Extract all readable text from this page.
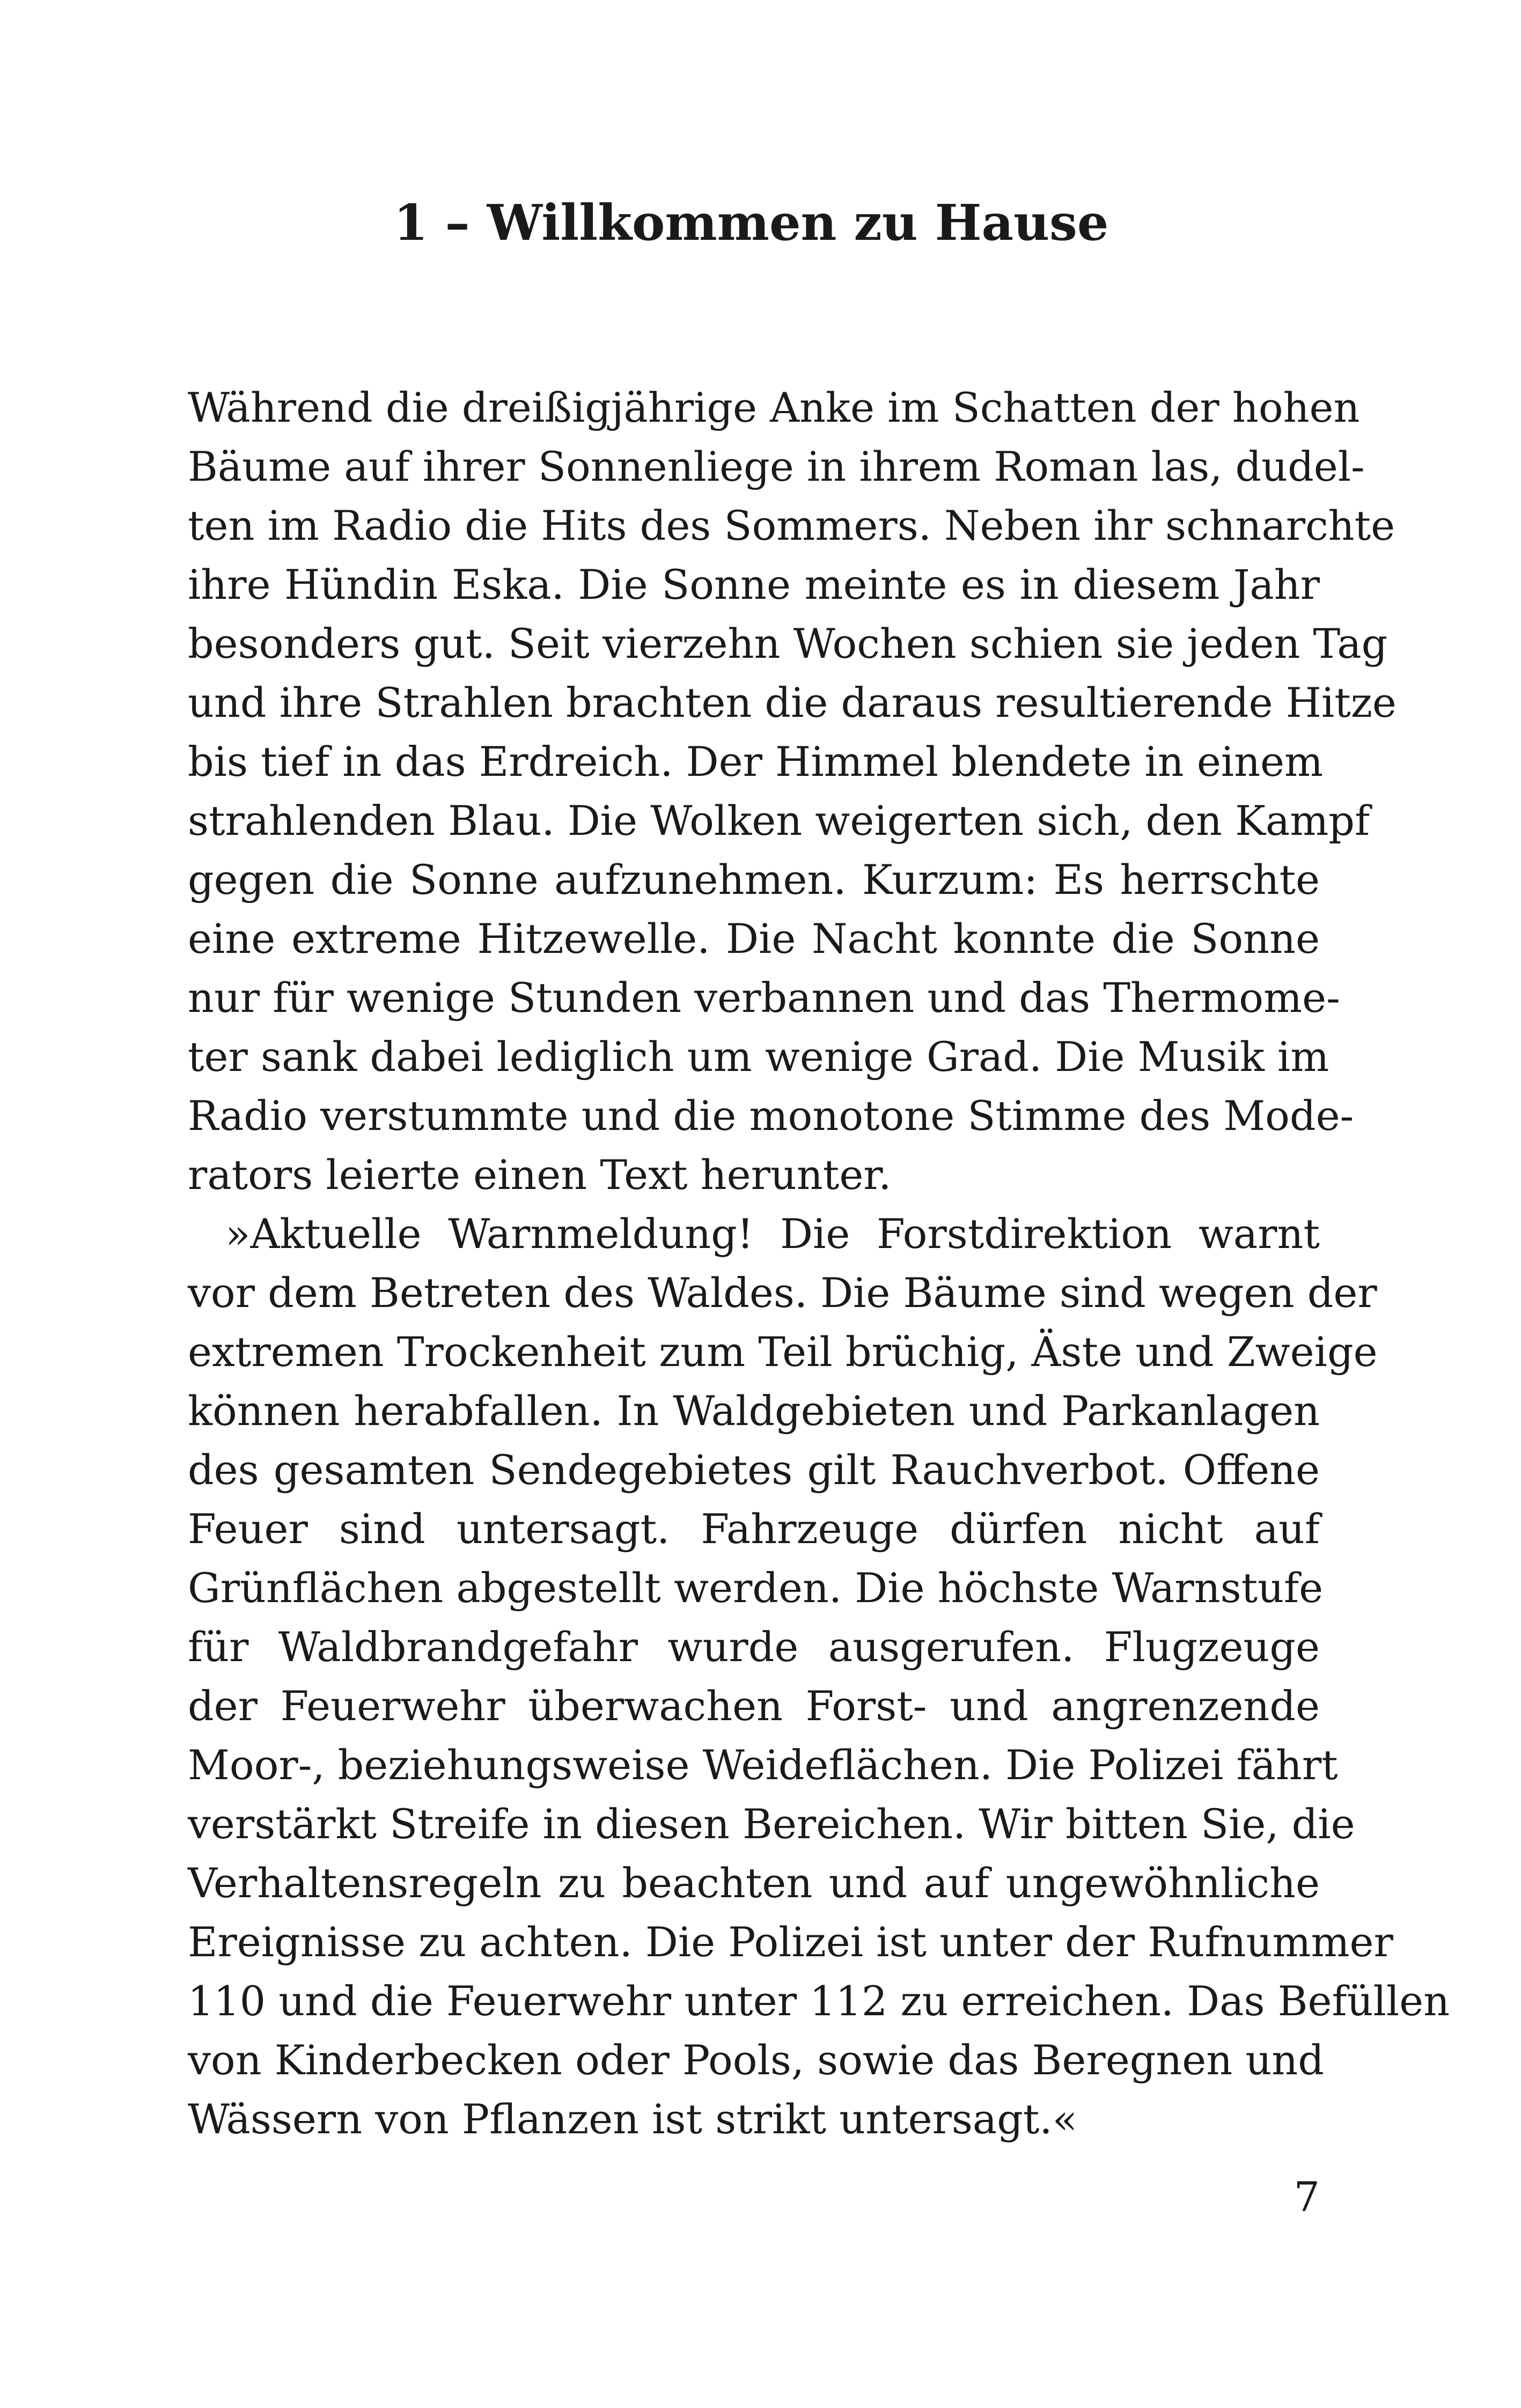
1 – Willkommen zu Hause
Während die dreißigjährige Anke im Schatten der hohen
Bäume auf ihrer Sonnenliege in ihrem Roman las, dudel-
ten im Radio die Hits des Sommers. Neben ihr schnarchte
ihre Hündin Eska. Die Sonne meinte es in diesem Jahr
besonders gut. Seit vierzehn Wochen schien sie jeden Tag
und ihre Strahlen brachten die daraus resultierende Hitze
bis tief in das Erdreich. Der Himmel blendete in einem
strahlenden Blau. Die Wolken weigerten sich, den Kampf
gegen die Sonne aufzunehmen. Kurzum: Es herrschte
eine extreme Hitzewelle. Die Nacht konnte die Sonne
nur für wenige Stunden verbannen und das Thermome-
ter sank dabei lediglich um wenige Grad. Die Musik im
Radio verstummte und die monotone Stimme des Mode-
rators leierte einen Text herunter.
»Aktuelle Warnmeldung! Die Forstdirektion warnt
vor dem Betreten des Waldes. Die Bäume sind wegen der
extremen Trockenheit zum Teil brüchig, Äste und Zweige
können herabfallen. In Waldgebieten und Parkanlagen
des gesamten Sendegebietes gilt Rauchverbot. Offene
Feuer sind untersagt. Fahrzeuge dürfen nicht auf
Grünflächen abgestellt werden. Die höchste Warnstufe
für Waldbrandgefahr wurde ausgerufen. Flugzeuge
der Feuerwehr überwachen Forst- und angrenzende
Moor-, beziehungsweise Weideflächen. Die Polizei fährt
verstärkt Streife in diesen Bereichen. Wir bitten Sie, die
Verhaltensregeln zu beachten und auf ungewöhnliche
Ereignisse zu achten. Die Polizei ist unter der Rufnummer
110 und die Feuerwehr unter 112 zu erreichen. Das Befüllen
von Kinderbecken oder Pools, sowie das Beregnen und
Wässern von Pflanzen ist strikt untersagt.«
7
